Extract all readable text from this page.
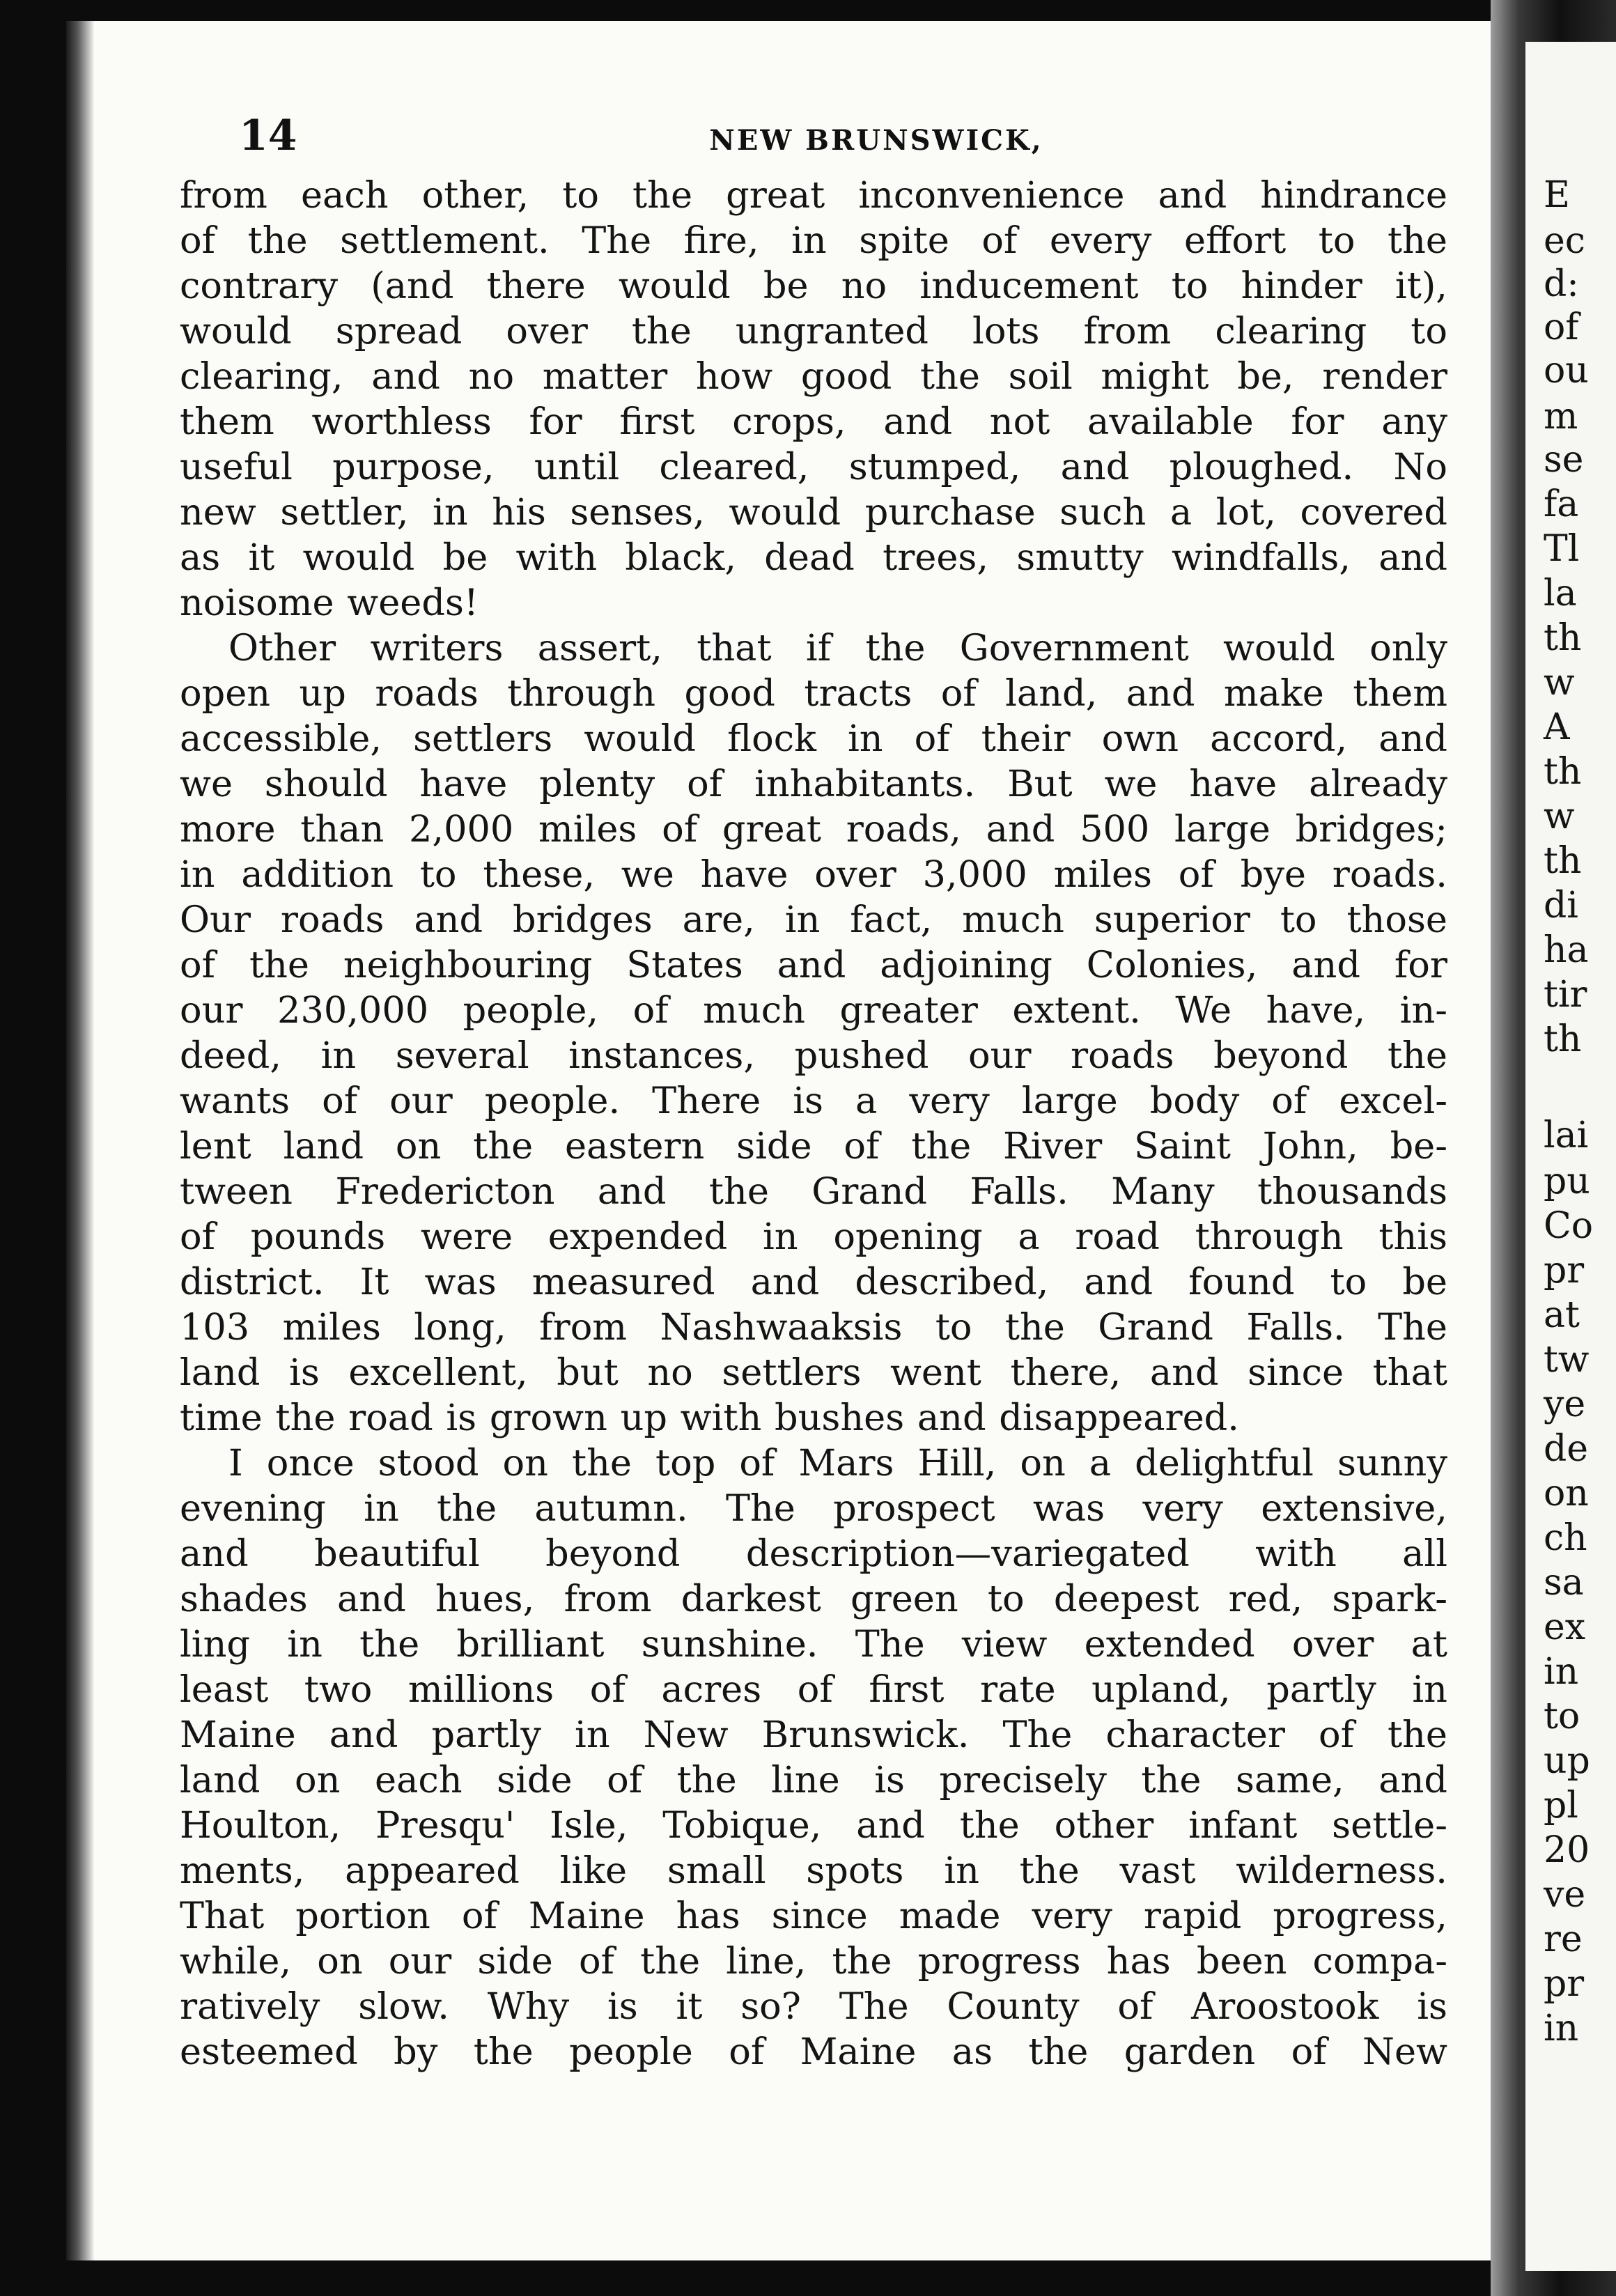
14	NEW BRUNSWICK,
from each other, to the great inconvenience and hindrance
of the settlement. The fire, in spite of every effort to the
contrary (and there would be no inducement to hinder it),
would spread over the ungranted lots from clearing to
clearing, and no matter how good the soil might be, render
them worthless for first crops, and not available for any
useful purpose, until cleared, stumped, and ploughed. No
new settler, in his senses, would purchase such a lot, covered
as it would be with black, dead trees, smutty windfalls, and
noisome weeds!
Other writers assert, that if the Government would only
open up roads through good tracts of land, and make them
accessible, settlers would flock in of their own accord, and
we should have plenty of inhabitants. But we have already
more than 2,000 miles of great roads, and 500 large bridges;
in addition to these, we have over 3,000 miles of bye roads.
Our roads and bridges are, in fact, much superior to those
of the neighbouring States and adjoining Colonies, and for
our 230,000 people, of much greater extent. We have, in-
deed, in several instances, pushed our roads beyond the
wants of our people. There is a very large body of excel-
lent land on the eastern side of the River Saint John, be-
tween Fredericton and the Grand Falls. Many thousands
of pounds were expended in opening a road through this
district. It was measured and described, and found to be
103 miles long, from Nashwaaksis to the Grand Falls. The
land is excellent, but no settlers went there, and since that
time the road is grown up with bushes and disappeared.
I once stood on the top of Mars Hill, on a delightful sunny
evening in the autumn. The prospect was very extensive,
and beautiful beyond description—variegated with all
shades and hues, from darkest green to deepest red, spark-
ling in the brilliant sunshine. The view extended over at
least two millions of acres of first rate upland, partly in
Maine and partly in New Brunswick. The character of the
land on each side of the line is precisely the same, and
Houlton, Presqu' Isle, Tobique, and the other infant settle-
ments, appeared like small spots in the vast wilderness.
That portion of Maine has since made very rapid progress,
while, on our side of the line, the progress has been compa-
ratively slow. Why is it so? The County of Aroostook is
esteemed by the people of Maine as the garden of New
E
ec
d:
of
ou
m
se
fa
Tl
la
th
w
A
th
w
th
di
ha
tir
th
lai
pu
Co
pr
at
tw
ye
de
on
ch
sa
ex
in
to
up
pl
20
ve
re
pr
in
